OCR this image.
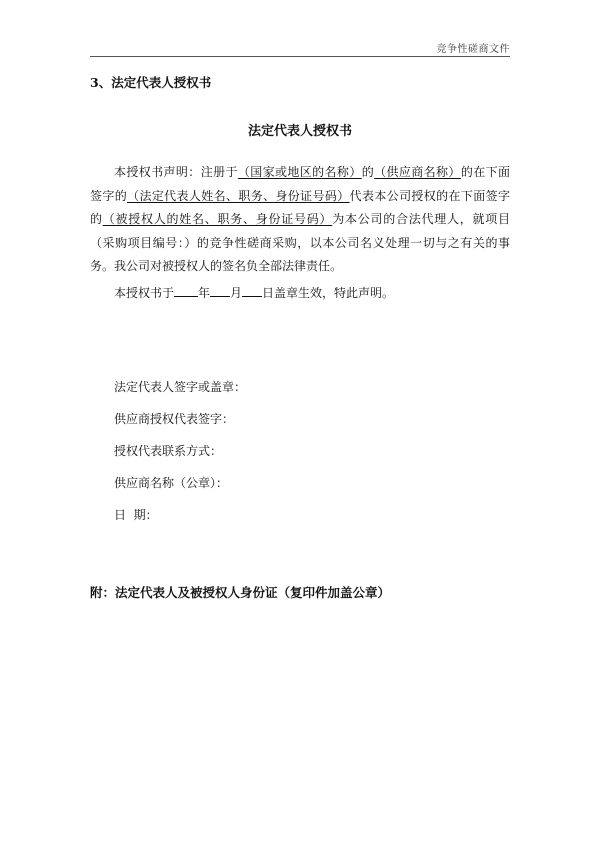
竞争性磋商文件
3、法定代表人授权书
法定代表人授权书

本授权书声明：注册于（国家或地区的名称）的（供应商名称）的在下面签字的（法定代表人姓名、职务、身份证号码）代表本公司授权的在下面签字的（被授权人的姓名、职务、身份证号码）为本公司的合法代理人，就项目（采购项目编号：）的竞争性磋商采购，以本公司名义处理一切与之有关的事务。我公司对被授权人的签名负全部法律责任。

本授权书于 年 月 日盖章生效，特此声明。
法定代表人签字或盖章：
供应商授权代表签字：
授权代表联系方式：
供应商名称（公章）：
日  期：
附：法定代表人及被授权人身份证（复印件加盖公章）
